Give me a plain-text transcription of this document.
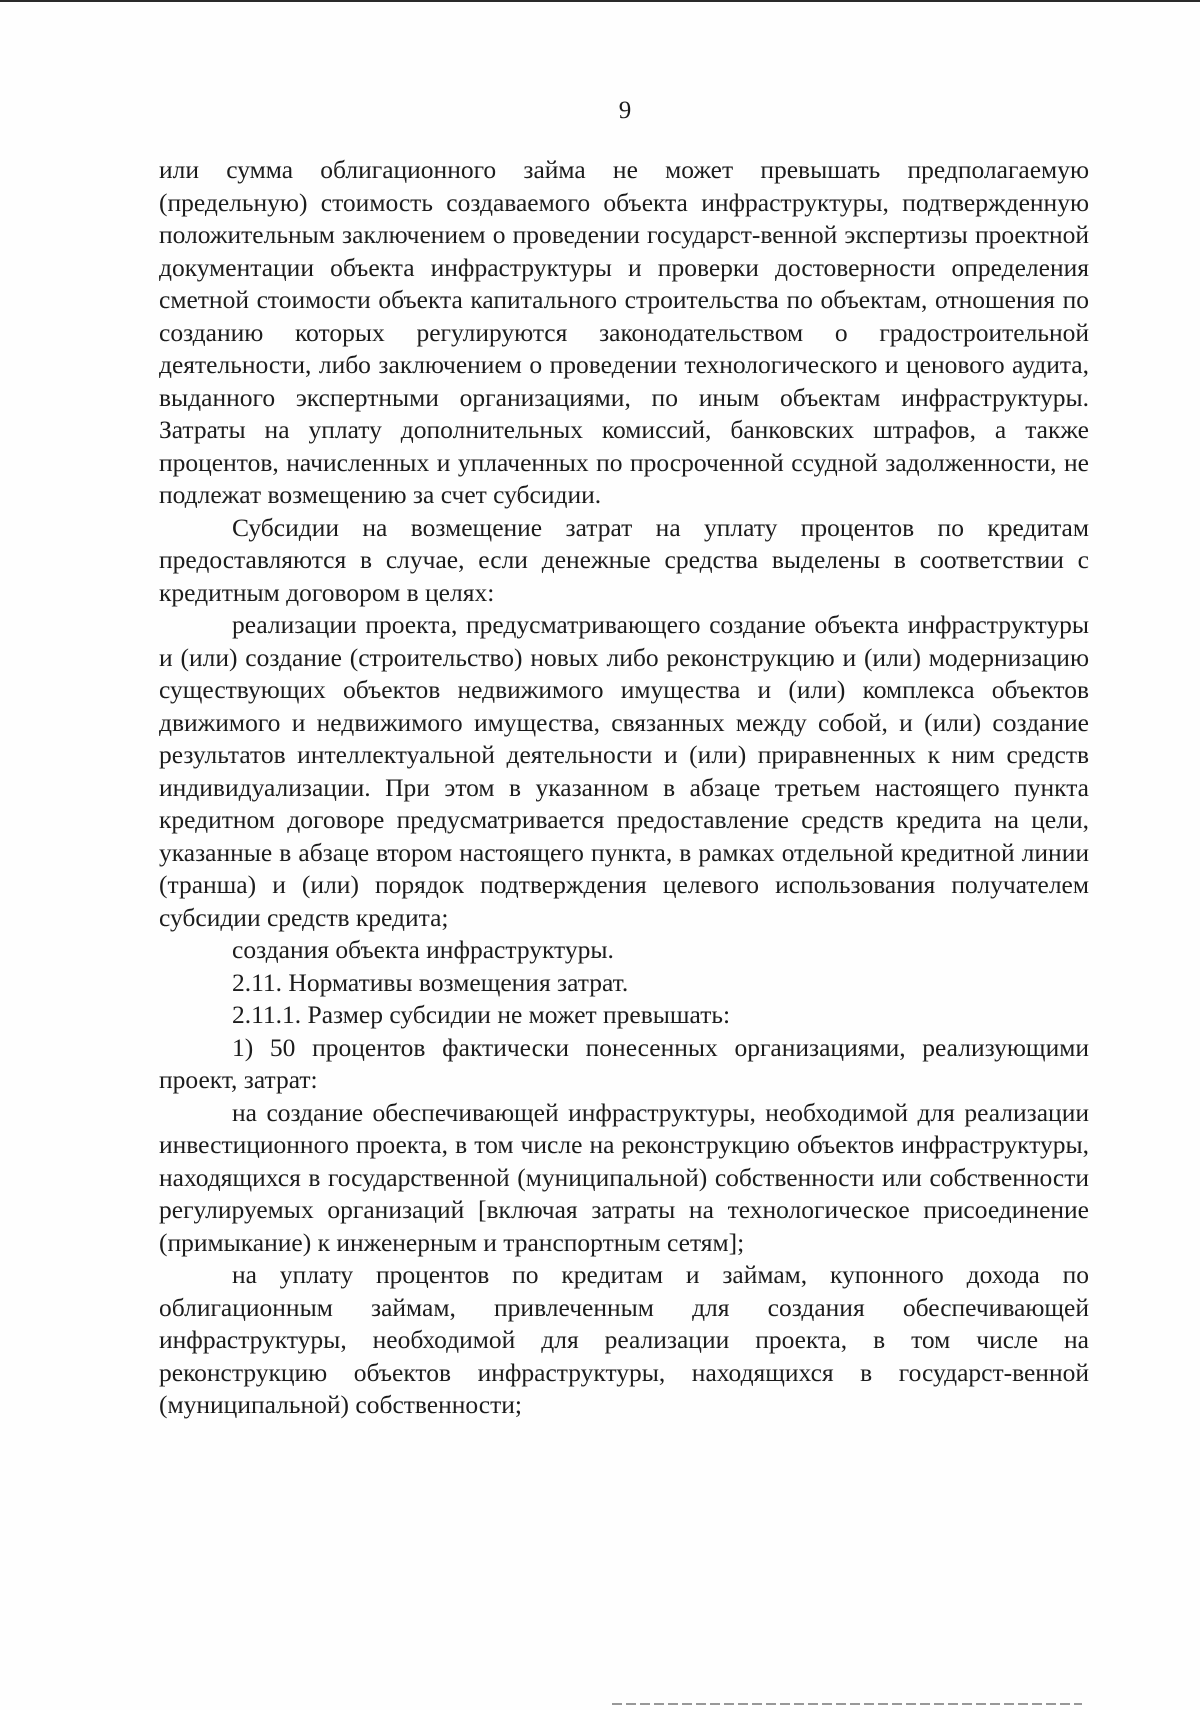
9

или сумма облигационного займа не может превышать предполагаемую (предельную) стоимость создаваемого объекта инфраструктуры, подтвержденную положительным заключением о проведении государст-венной экспертизы проектной документации объекта инфраструктуры и проверки достоверности определения сметной стоимости объекта капитального строительства по объектам, отношения по созданию которых регулируются законодательством о градостроительной деятельности, либо заключением о проведении технологического и ценового аудита, выданного экспертными организациями, по иным объектам инфраструктуры. Затраты на уплату дополнительных комиссий, банковских штрафов, а также процентов, начисленных и уплаченных по просроченной ссудной задолженности, не подлежат возмещению за счет субсидии.

Субсидии на возмещение затрат на уплату процентов по кредитам предоставляются в случае, если денежные средства выделены в соответствии с кредитным договором в целях:

реализации проекта, предусматривающего создание объекта инфраструктуры и (или) создание (строительство) новых либо реконструкцию и (или) модернизацию существующих объектов недвижимого имущества и (или) комплекса объектов движимого и недвижимого имущества, связанных между собой, и (или) создание результатов интеллектуальной деятельности и (или) приравненных к ним средств индивидуализации. При этом в указанном в абзаце третьем настоящего пункта кредитном договоре предусматривается предоставление средств кредита на цели, указанные в абзаце втором настоящего пункта, в рамках отдельной кредитной линии (транша) и (или) порядок подтверждения целевого использования получателем субсидии средств кредита;

создания объекта инфраструктуры.

2.11. Нормативы возмещения затрат.

2.11.1. Размер субсидии не может превышать:

1) 50 процентов фактически понесенных организациями, реализующими проект, затрат:

на создание обеспечивающей инфраструктуры, необходимой для реализации инвестиционного проекта, в том числе на реконструкцию объектов инфраструктуры, находящихся в государственной (муниципальной) собственности или собственности регулируемых организаций [включая затраты на технологическое присоединение (примыкание) к инженерным и транспортным сетям];

на уплату процентов по кредитам и займам, купонного дохода по облигационным займам, привлеченным для создания обеспечивающей инфраструктуры, необходимой для реализации проекта, в том числе на реконструкцию объектов инфраструктуры, находящихся в государст-венной (муниципальной) собственности;
